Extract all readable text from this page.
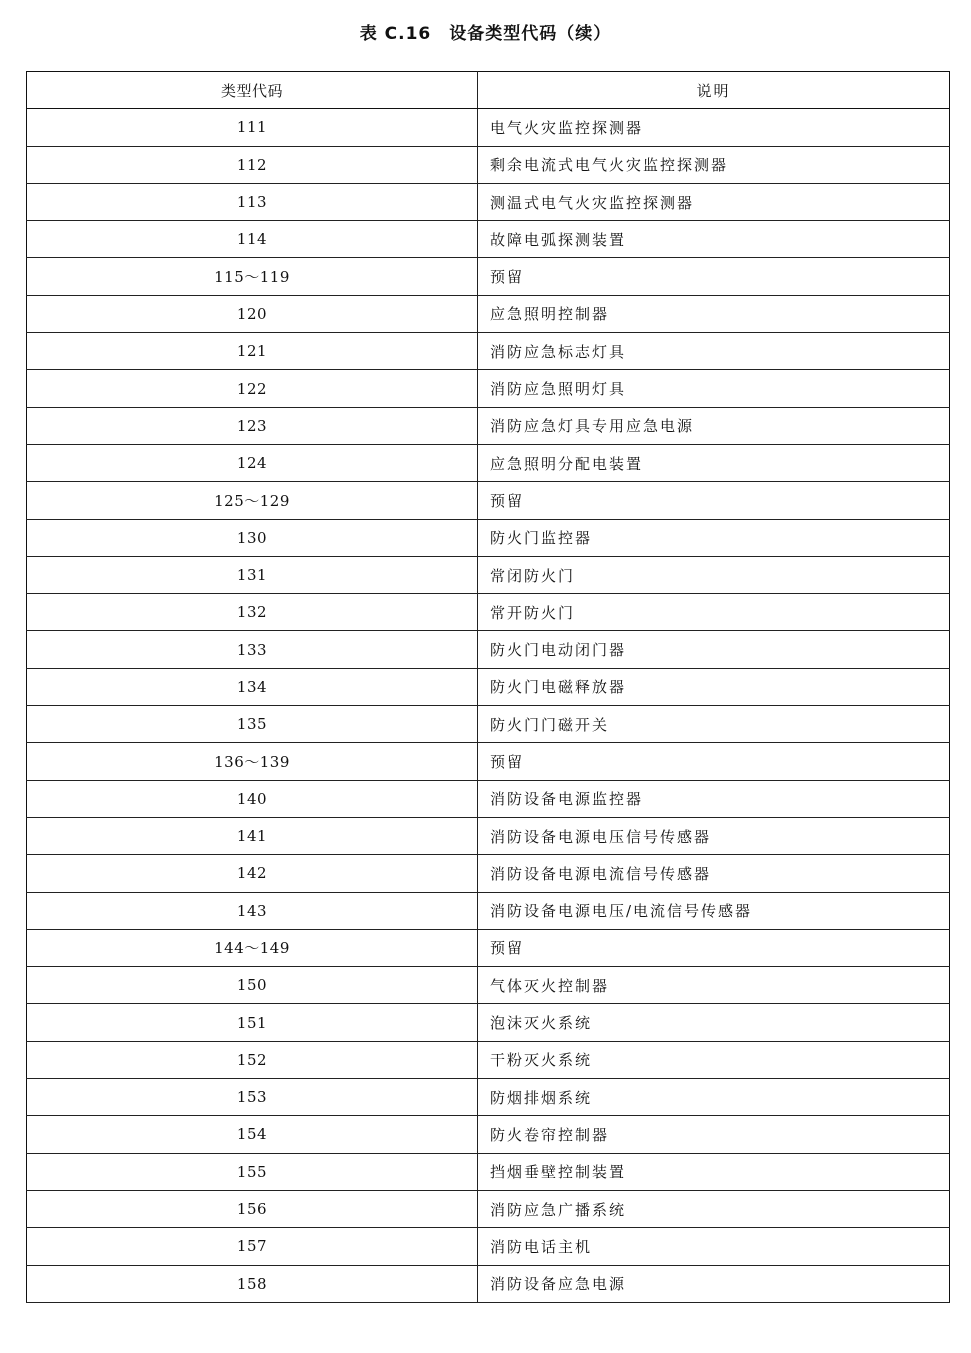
表 C.16 设备类型代码（续）
类型代码	说明
111	电气火灾监控探测器
112	剩余电流式电气火灾监控探测器
113	测温式电气火灾监控探测器
114	故障电弧探测装置
115～119	预留
120	应急照明控制器
121	消防应急标志灯具
122	消防应急照明灯具
123	消防应急灯具专用应急电源
124	应急照明分配电装置
125～129	预留
130	防火门监控器
131	常闭防火门
132	常开防火门
133	防火门电动闭门器
134	防火门电磁释放器
135	防火门门磁开关
136～139	预留
140	消防设备电源监控器
141	消防设备电源电压信号传感器
142	消防设备电源电流信号传感器
143	消防设备电源电压/电流信号传感器
144～149	预留
150	气体灭火控制器
151	泡沫灭火系统
152	干粉灭火系统
153	防烟排烟系统
154	防火卷帘控制器
155	挡烟垂壁控制装置
156	消防应急广播系统
157	消防电话主机
158	消防设备应急电源
